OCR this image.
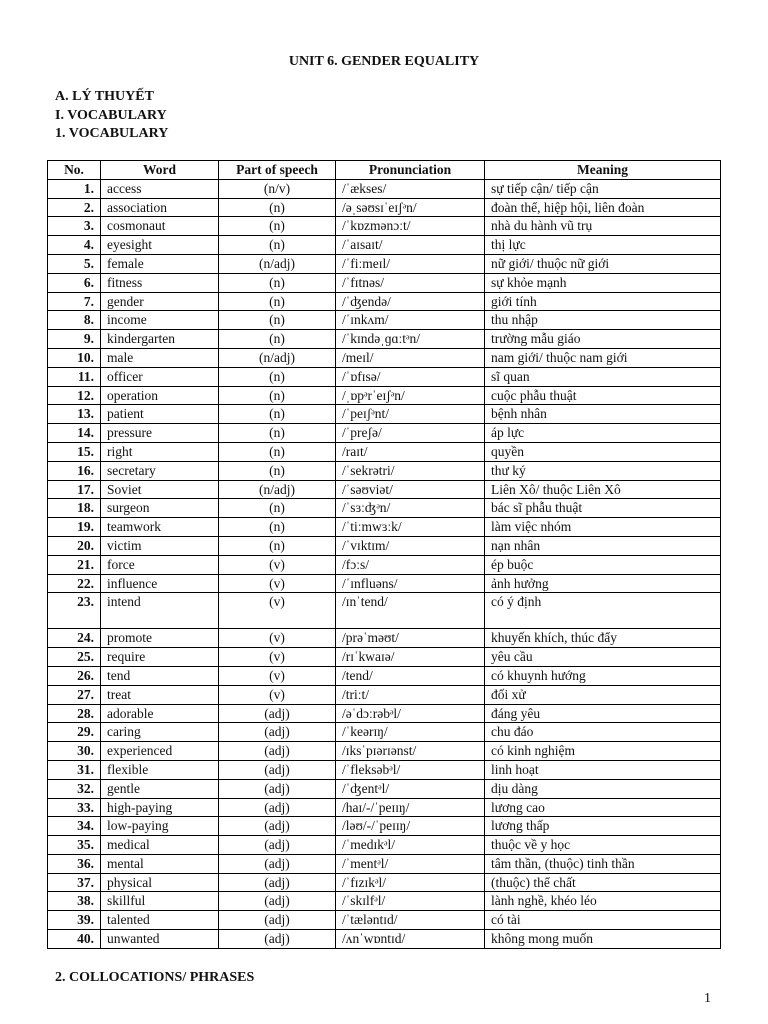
UNIT 6. GENDER EQUALITY
A. LÝ THUYẾT
I. VOCABULARY
1. VOCABULARY
No.	Word	Part of speech	Pronunciation	Meaning
1.	access	(n/v)	/ˈækses/	sự tiếp cận/ tiếp cận
2.	association	(n)	/əˌsəʊsɪˈeɪʃᵊn/	đoàn thể, hiệp hội, liên đoàn
3.	cosmonaut	(n)	/ˈkɒzmənɔːt/	nhà du hành vũ trụ
4.	eyesight	(n)	/ˈaɪsaɪt/	thị lực
5.	female	(n/adj)	/ˈfiːmeɪl/	nữ giới/ thuộc nữ giới
6.	fitness	(n)	/ˈfɪtnəs/	sự khỏe mạnh
7.	gender	(n)	/ˈʤendə/	giới tính
8.	income	(n)	/ˈɪnkʌm/	thu nhập
9.	kindergarten	(n)	/ˈkɪndəˌɡɑːtᵊn/	trường mẫu giáo
10.	male	(n/adj)	/meɪl/	nam giới/ thuộc nam giới
11.	officer	(n)	/ˈɒfɪsə/	sĩ quan
12.	operation	(n)	/ˌɒpᵊrˈeɪʃᵊn/	cuộc phẫu thuật
13.	patient	(n)	/ˈpeɪʃᵊnt/	bệnh nhân
14.	pressure	(n)	/ˈpreʃə/	áp lực
15.	right	(n)	/raɪt/	quyền
16.	secretary	(n)	/ˈsekrətri/	thư ký
17.	Soviet	(n/adj)	/ˈsəʊviət/	Liên Xô/ thuộc Liên Xô
18.	surgeon	(n)	/ˈsɜːʤᵊn/	bác sĩ phẫu thuật
19.	teamwork	(n)	/ˈtiːmwɜːk/	làm việc nhóm
20.	victim	(n)	/ˈvɪktɪm/	nạn nhân
21.	force	(v)	/fɔːs/	ép buộc
22.	influence	(v)	/ˈɪnfluəns/	ảnh hưởng
23.	intend	(v)	/ɪnˈtend/	có ý định
24.	promote	(v)	/prəˈməʊt/	khuyến khích, thúc đẩy
25.	require	(v)	/rɪˈkwaɪə/	yêu cầu
26.	tend	(v)	/tend/	có khuynh hướng
27.	treat	(v)	/triːt/	đối xử
28.	adorable	(adj)	/əˈdɔːrəbᵊl/	đáng yêu
29.	caring	(adj)	/ˈkeərɪŋ/	chu đáo
30.	experienced	(adj)	/ɪksˈpɪərɪənst/	có kinh nghiệm
31.	flexible	(adj)	/ˈfleksəbᵊl/	linh hoạt
32.	gentle	(adj)	/ˈʤentᵊl/	dịu dàng
33.	high-paying	(adj)	/haɪ/-/ˈpeɪɪŋ/	lương cao
34.	low-paying	(adj)	/ləʊ/-/ˈpeɪɪŋ/	lương thấp
35.	medical	(adj)	/ˈmedɪkᵊl/	thuộc về y học
36.	mental	(adj)	/ˈmentᵊl/	tâm thần, (thuộc) tinh thần
37.	physical	(adj)	/ˈfɪzɪkᵊl/	(thuộc) thể chất
38.	skillful	(adj)	/ˈskɪlfᵊl/	lành nghề, khéo léo
39.	talented	(adj)	/ˈtæləntɪd/	có tài
40.	unwanted	(adj)	/ʌnˈwɒntɪd/	không mong muốn
2. COLLOCATIONS/ PHRASES
1
